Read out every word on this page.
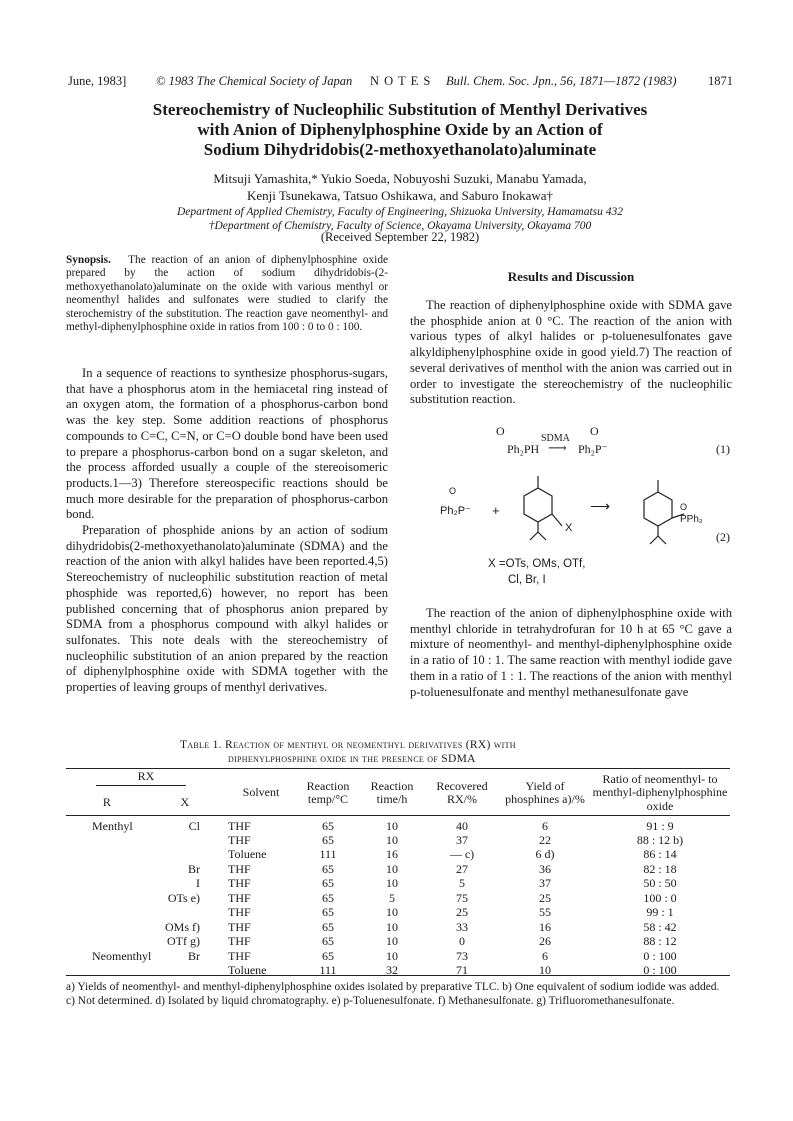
June, 1983] © 1983 The Chemical Society of Japan N O T E S Bull. Chem. Soc. Jpn., 56, 1871—1872 (1983)	1871
Stereochemistry of Nucleophilic Substitution of Menthyl Derivatives
with Anion of Diphenylphosphine Oxide by an Action of
Sodium Dihydridobis(2-methoxyethanolato)aluminate
Mitsuji Yamashita,* Yukio Soeda, Nobuyoshi Suzuki, Manabu Yamada,
Kenji Tsunekawa, Tatsuo Oshikawa, and Saburo Inokawa†
Department of Applied Chemistry, Faculty of Engineering, Shizuoka University, Hamamatsu 432
†Department of Chemistry, Faculty of Science, Okayama University, Okayama 700
(Received September 22, 1982)

Synopsis. The reaction of an anion of diphenylphosphine oxide prepared by the action of sodium dihydridobis-(2-methoxyethanolato)aluminate on the oxide with various menthyl or neomenthyl halides and sulfonates were studied to clarify the sterochemistry of the substitution. The reaction gave neomenthyl- and methyl-diphenylphosphine oxide in ratios from 100 : 0 to 0 : 100.

In a sequence of reactions to synthesize phosphorus-sugars, that have a phosphorus atom in the hemiacetal ring instead of an oxygen atom, the formation of a phosphorus-carbon bond was the key step. Some addition reactions of phosphorus compounds to C=C, C=N, or C=O double bond have been used to prepare a phosphorus-carbon bond on a sugar skeleton, and the process afforded usually a couple of the stereoisomeric products.1—3) Therefore stereospecific reactions should be much more desirable for the preparation of phosphorus-carbon bond.

Preparation of phosphide anions by an action of sodium dihydridobis(2-methoxyethanolato)aluminate (SDMA) and the reaction of the anion with alkyl halides have been reported.4,5) Stereochemistry of nucleophilic substitution reaction of metal phosphide was reported,6) however, no report has been published concerning that of phosphorus anion prepared by SDMA from a phosphorus compound with alkyl halides or sulfonates. This note deals with the stereochemistry of nucleophilic substitution of an anion prepared by the reaction of diphenylphosphine oxide with SDMA together with the properties of leaving groups of menthyl derivatives.

Results and Discussion

The reaction of diphenylphosphine oxide with SDMA gave the phosphide anion at 0 °C. The reaction of the anion with various types of alkyl halides or p-toluenesulfonates gave alkyldiphenylphosphine oxide in good yield.7) The reaction of several derivatives of menthol with the anion was carried out in order to investigate the stereochemistry of the nucleophilic substitution reaction.

O	O
SDMA
Ph₂PH ⟶ Ph₂P⁻	(1)
O
Ph₂P⁻ +
X
⟶	O
PPh₂
(2)
X =OTs, OMs, OTf,
Cl, Br, I

The reaction of the anion of diphenylphosphine oxide with menthyl chloride in tetrahydrofuran for 10 h at 65 °C gave a mixture of neomenthyl- and menthyl-diphenylphosphine oxide in a ratio of 10 : 1. The same reaction with menthyl iodide gave them in a ratio of 1 : 1. The reactions of the anion with menthyl p-toluenesulfonate and menthyl methanesulfonate gave

Table 1. Reaction of menthyl or neomenthyl derivatives (RX) with
diphenylphosphine oxide in the presence of SDMA
RX
R X		Solvent	Reaction temp/°C	Reaction time/h	Recovered RX/%	Yield of phosphines a)/%	Ratio of neomenthyl- to menthyl-diphenylphosphine oxide
Menthyl	Cl	THF	65	10	40	6	91 : 9
		THF	65	10	37	22	88 : 12 b)
		Toluene	111	16	— c)	6 d)	86 : 14
	Br	THF	65	10	27	36	82 : 18
	I	THF	65	10	5	37	50 : 50
	OTs e)	THF	65	5	75	25	100 : 0
		THF	65	10	25	55	99 : 1
	OMs f)	THF	65	10	33	16	58 : 42
	OTf g)	THF	65	10	0	26	88 : 12
Neomenthyl	Br	THF	65	10	73	6	0 : 100
		Toluene	111	32	71	10	0 : 100
a) Yields of neomenthyl- and menthyl-diphenylphosphine oxides isolated by preparative TLC. b) One equivalent of sodium iodide was added. c) Not determined. d) Isolated by liquid chromatography. e) p-Toluenesulfonate. f) Methanesulfonate. g) Trifluoromethanesulfonate.
